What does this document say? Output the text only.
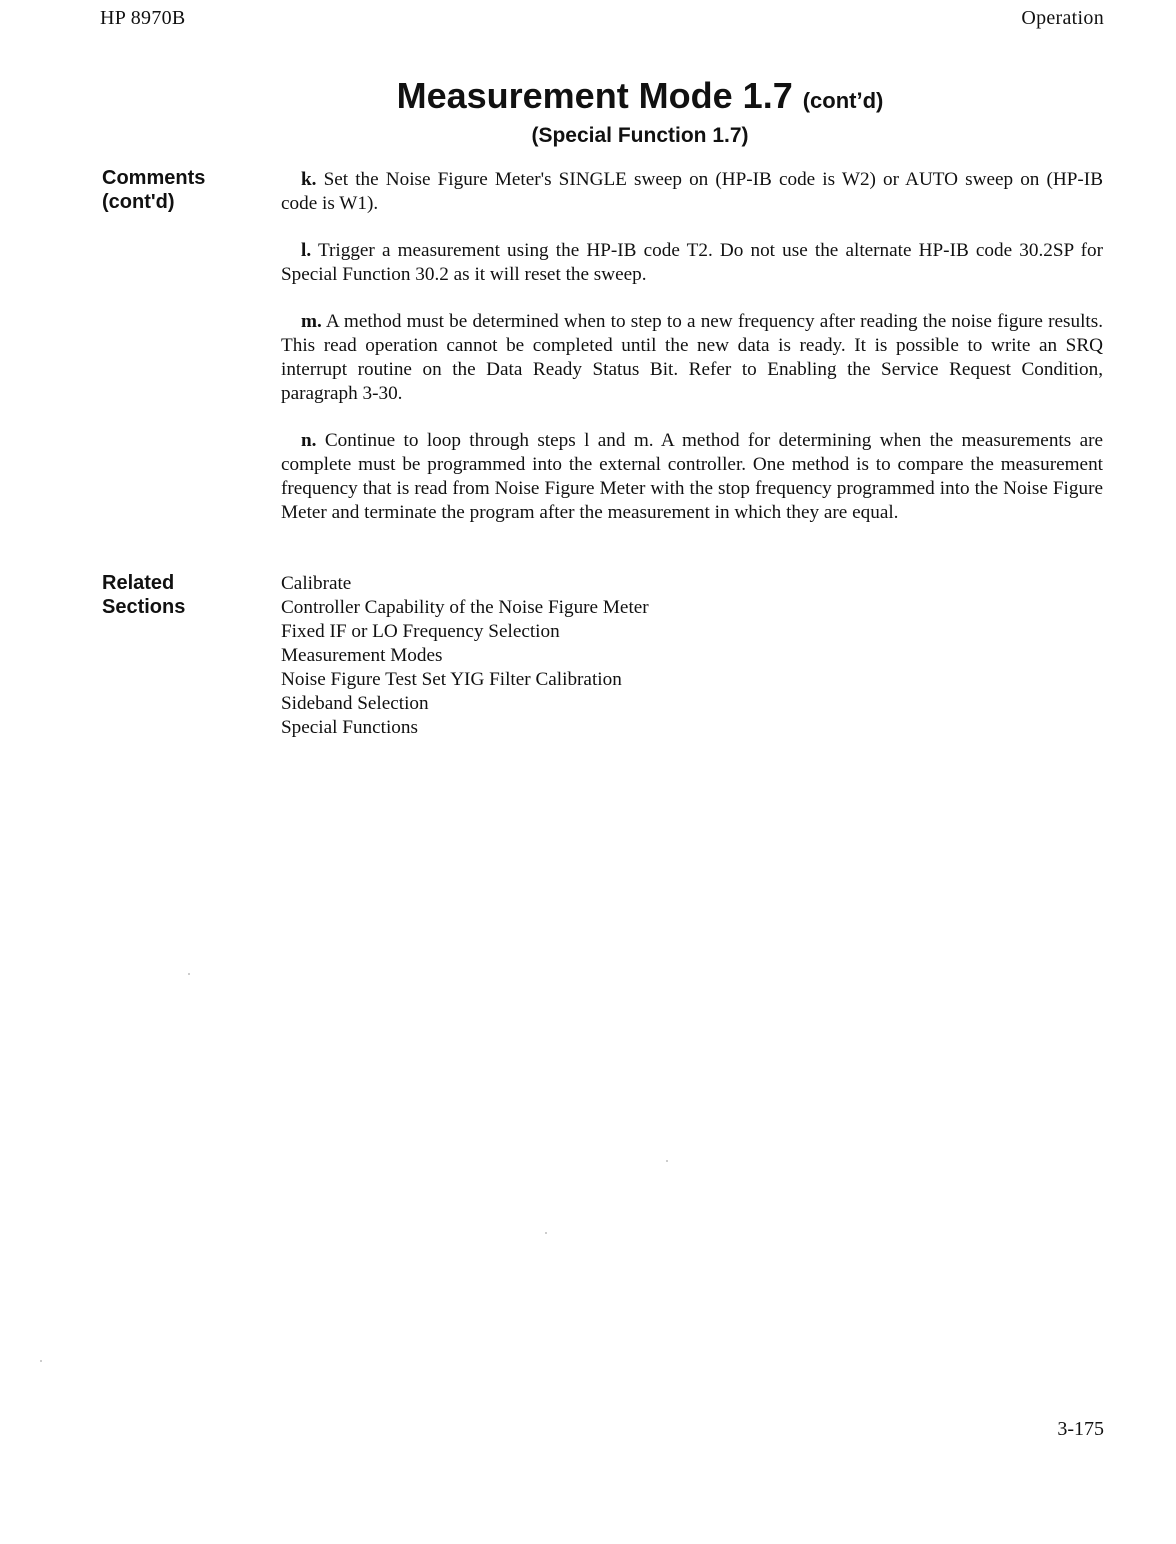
HP 8970B	Operation
Measurement Mode 1.7 (cont’d)
(Special Function 1.7)
Comments
(cont'd)

k. Set the Noise Figure Meter's SINGLE sweep on (HP-IB code is W2) or AUTO sweep on (HP-IB code is W1).

l. Trigger a measurement using the HP-IB code T2. Do not use the alternate HP-IB code 30.2SP for Special Function 30.2 as it will reset the sweep.

m. A method must be determined when to step to a new frequency after reading the noise figure results. This read operation cannot be completed until the new data is ready. It is possible to write an SRQ interrupt routine on the Data Ready Status Bit. Refer to Enabling the Service Request Condition, paragraph 3-30.

n. Continue to loop through steps l and m. A method for determining when the measurements are complete must be programmed into the external controller. One method is to compare the measurement frequency that is read from Noise Figure Meter with the stop frequency programmed into the Noise Figure Meter and terminate the program after the measurement in which they are equal.

Related
Sections
Calibrate
Controller Capability of the Noise Figure Meter
Fixed IF or LO Frequency Selection
Measurement Modes
Noise Figure Test Set YIG Filter Calibration
Sideband Selection
Special Functions
3-175
